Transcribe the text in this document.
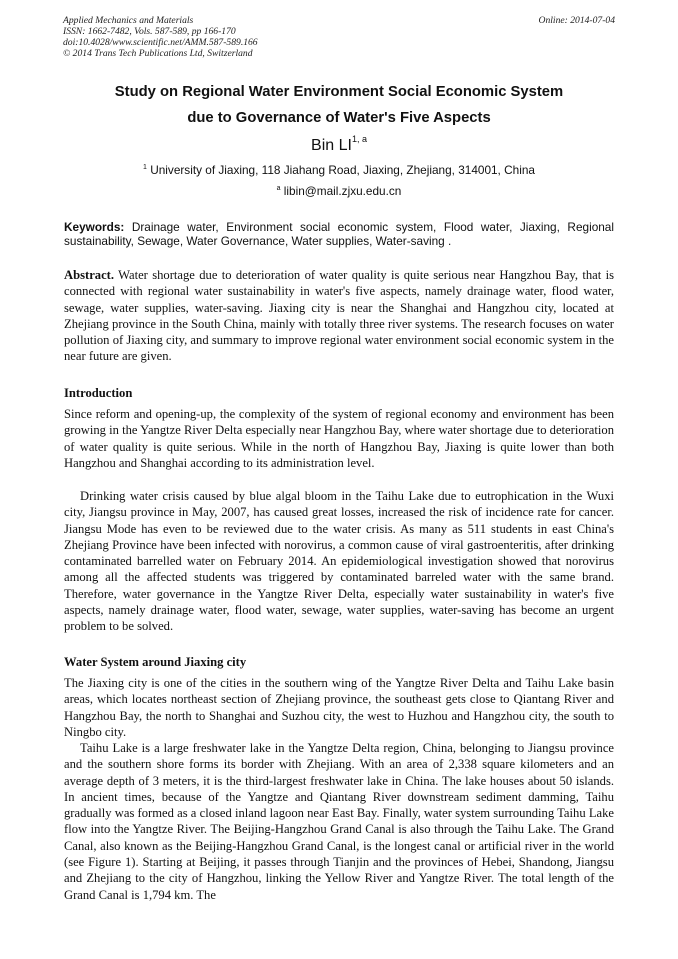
Applied Mechanics and Materials
ISSN: 1662-7482, Vols. 587-589, pp 166-170
doi:10.4028/www.scientific.net/AMM.587-589.166
© 2014 Trans Tech Publications Ltd, Switzerland
Online: 2014-07-04
Study on Regional Water Environment Social Economic System
due to Governance of Water's Five Aspects
Bin LI$^{1, a}$
$^1$ University of Jiaxing, 118 Jiahang Road, Jiaxing, Zhejiang, 314001, China
$^a$ libin@mail.zjxu.edu.cn
Keywords: Drainage water, Environment social economic system, Flood water, Jiaxing, Regional sustainability, Sewage, Water Governance, Water supplies, Water-saving .
Abstract. Water shortage due to deterioration of water quality is quite serious near Hangzhou Bay, that is connected with regional water sustainability in water's five aspects, namely drainage water, flood water, sewage, water supplies, water-saving. Jiaxing city is near the Shanghai and Hangzhou city, located at Zhejiang province in the South China, mainly with totally three river systems. The research focuses on water pollution of Jiaxing city, and summary to improve regional water environment social economic system in the near future are given.
Introduction
Since reform and opening-up, the complexity of the system of regional economy and environment has been growing in the Yangtze River Delta especially near Hangzhou Bay, where water shortage due to deterioration of water quality is quite serious. While in the north of Hangzhou Bay, Jiaxing is quite lower than both Hangzhou and Shanghai according to its administration level.
Drinking water crisis caused by blue algal bloom in the Taihu Lake due to eutrophication in the Wuxi city, Jiangsu province in May, 2007, has caused great losses, increased the risk of incidence rate for cancer. Jiangsu Mode has even to be reviewed due to the water crisis. As many as 511 students in east China's Zhejiang Province have been infected with norovirus, a common cause of viral gastroenteritis, after drinking contaminated barrelled water on February 2014. An epidemiological investigation showed that norovirus among all the affected students was triggered by contaminated barreled water with the same brand. Therefore, water governance in the Yangtze River Delta, especially water sustainability in water's five aspects, namely drainage water, flood water, sewage, water supplies, water-saving has become an urgent problem to be solved.
Water System around Jiaxing city
The Jiaxing city is one of the cities in the southern wing of the Yangtze River Delta and Taihu Lake basin areas, which locates northeast section of Zhejiang province, the southeast gets close to Qiantang River and Hangzhou Bay, the north to Shanghai and Suzhou city, the west to Huzhou and Hangzhou city, the south to Ningbo city.
Taihu Lake is a large freshwater lake in the Yangtze Delta region, China, belonging to Jiangsu province and the southern shore forms its border with Zhejiang. With an area of 2,338 square kilometers and an average depth of 3 meters, it is the third-largest freshwater lake in China. The lake houses about 50 islands. In ancient times, because of the Yangtze and Qiantang River downstream sediment damming, Taihu gradually was formed as a closed inland lagoon near East Bay. Finally, water system surrounding Taihu Lake flow into the Yangtze River. The Beijing-Hangzhou Grand Canal is also through the Taihu Lake. The Grand Canal, also known as the Beijing-Hangzhou Grand Canal, is the longest canal or artificial river in the world (see Figure 1). Starting at Beijing, it passes through Tianjin and the provinces of Hebei, Shandong, Jiangsu and Zhejiang to the city of Hangzhou, linking the Yellow River and Yangtze River. The total length of the Grand Canal is 1,794 km. The
